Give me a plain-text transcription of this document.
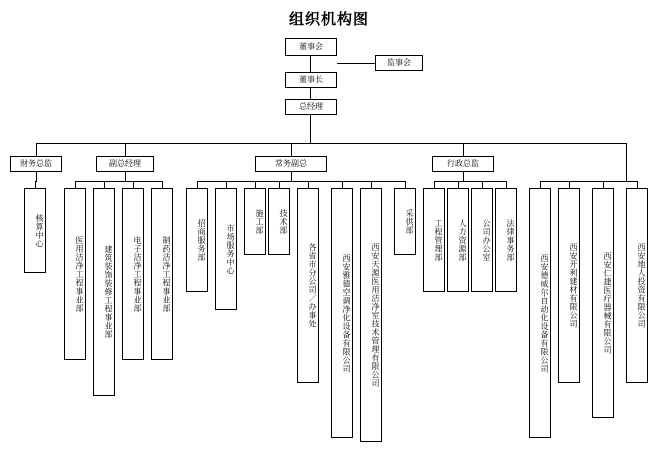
组织机构图
董事会
监事会
董事长
总经理
财务总监	副总经理	常务副总	行政总监
核算中心
医用洁净工程事业部	建筑装饰装修工程事业部	电子洁净工程事业部	制药洁净工程事业部	招商服务部	市场服务中心
施工部	技术部
各省市分公司／办事处	西安雅德空调净化设备有限公司	西安天源医用洁净室技术管理有限公司
采供部	工程管理部	人力资源部	公司办公室	法律事务部
西安德威尔自动化设备有限公司	西安开利建材有限公司	西安仁捷医疗器械有限公司	西安地人投资有限公司
